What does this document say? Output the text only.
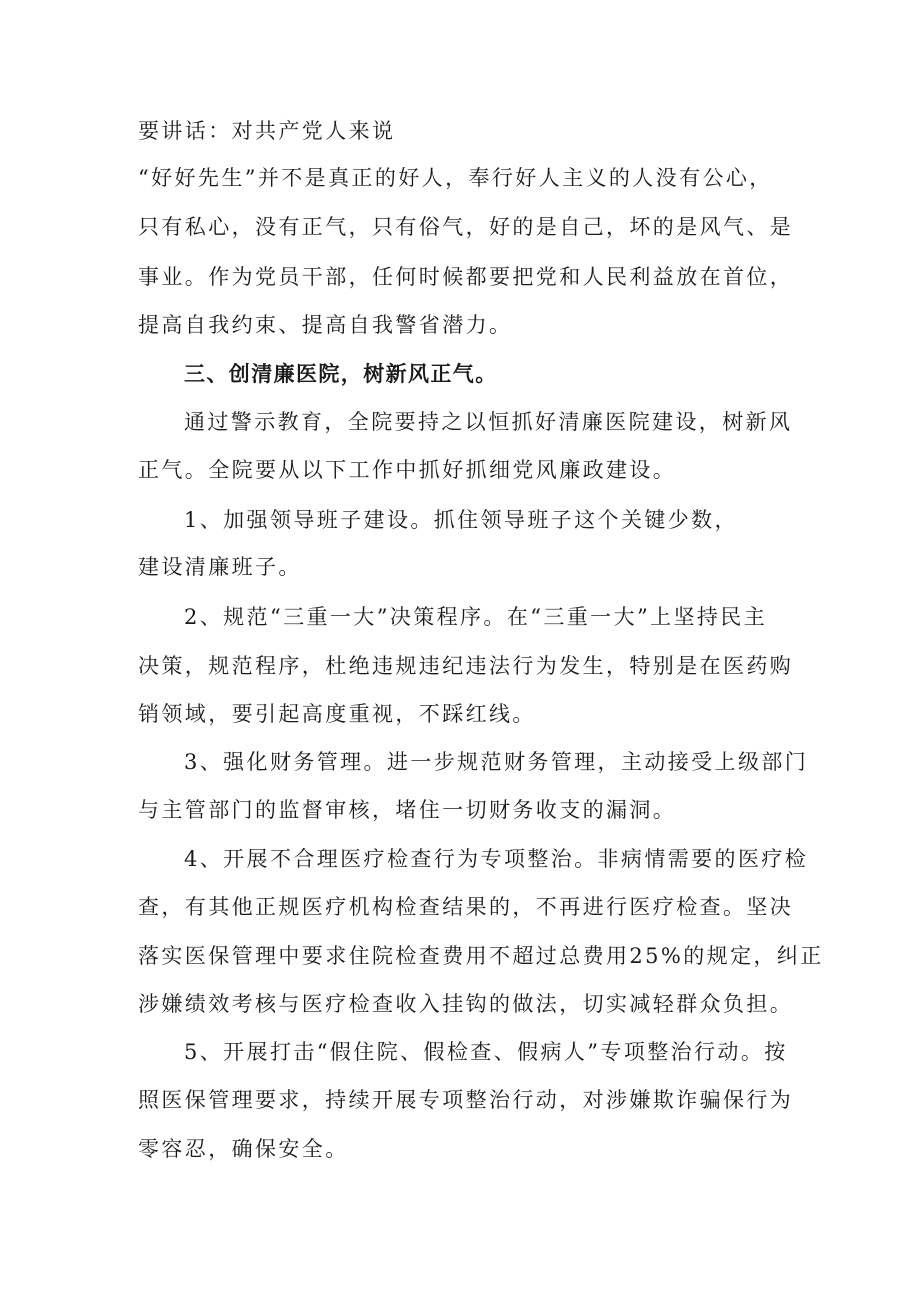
要讲话：对共产党人来说
“好好先生”并不是真正的好人，奉行好人主义的人没有公心，
只有私心，没有正气，只有俗气，好的是自己，坏的是风气、是
事业。作为党员干部，任何时候都要把党和人民利益放在首位，
提高自我约束、提高自我警省潜力。
三、创清廉医院，树新风正气。
通过警示教育，全院要持之以恒抓好清廉医院建设，树新风
正气。全院要从以下工作中抓好抓细党风廉政建设。
1、加强领导班子建设。抓住领导班子这个关键少数，
建设清廉班子。
2、规范“三重一大”决策程序。在“三重一大”上坚持民主
决策，规范程序，杜绝违规违纪违法行为发生，特别是在医药购
销领域，要引起高度重视，不踩红线。
3、强化财务管理。进一步规范财务管理，主动接受上级部门
与主管部门的监督审核，堵住一切财务收支的漏洞。
4、开展不合理医疗检查行为专项整治。非病情需要的医疗检
查，有其他正规医疗机构检查结果的，不再进行医疗检查。坚决
落实医保管理中要求住院检查费用不超过总费用25%的规定，纠正
涉嫌绩效考核与医疗检查收入挂钩的做法，切实减轻群众负担。
5、开展打击“假住院、假检查、假病人”专项整治行动。按
照医保管理要求，持续开展专项整治行动，对涉嫌欺诈骗保行为
零容忍，确保安全。
